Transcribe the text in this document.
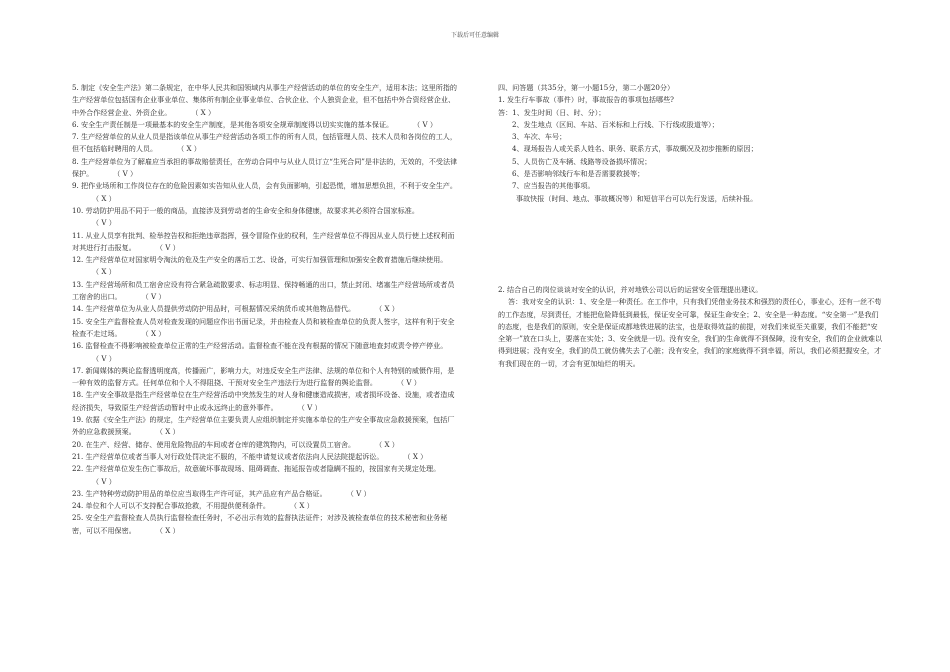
下载后可任意编辑

5. 制定《安全生产法》第二条规定，在中华人民共和国领域内从事生产经营活动的单位的安全生产，适用本法；这里所指的生产经营单位包括国有企业事业单位、集体所有制企业事业单位、合伙企业、个人独资企业，但不包括中外合资经营企业、中外合作经营企业、外资企业。	（ X ）

6. 安全生产责任制是一项最基本的安全生产制度，是其他各项安全规章制度得以切实实施的基本保证。	（ V ）

7. 生产经营单位的从业人员是指该单位从事生产经营活动各项工作的所有人员，包括管理人员、技术人员和各岗位的工人，但不包括临时聘用的人员。	（ X ）

8. 生产经营单位为了解雇应当承担的事故赔偿责任，在劳动合同中与从业人员订立“生死合同”是非法的，无效的，不受法律保护。	（ V ）

9. 把作业场所和工作岗位存在的危险因素如实告知从业人员，会有负面影响，引起恐慌，增加思想负担，不利于安全生产。（ X ）

10. 劳动防护用品不同于一般的商品，直接涉及到劳动者的生命安全和身体健康，故要求其必须符合国家标准。（ V ）

11. 从业人员享有批判、检举控告权和拒绝违章指挥，强令冒险作业的权利，生产经营单位不得因从业人员行使上述权利而对其进行打击报复。	（ V ）

12. 生产经营单位对国家明令淘汰的危及生产安全的落后工艺、设备，可实行加强管理和加强安全教育措施后继续使用。（ X ）

13. 生产经营场所和员工宿舍应设有符合紧急疏散要求、标志明显、保持畅通的出口，禁止封闭、堵塞生产经营场所或者员工宿舍的出口。	（ V ）

14. 生产经营单位为从业人员提供劳动防护用品时，可根据情况采纳货币或其他物品替代。	（ X ）

15. 安全生产监督检查人员对检查发现的问题应作出书面记录，并由检查人员和被检查单位的负责人签字，这样有利于安全检查不走过场。	（ X ）

16. 监督检查不得影响被检查单位正常的生产经营活动。监督检查不能在没有根据的情况下随意地查封或责令停产停业。（ V ）

17. 新闻媒体的舆论监督透明度高，传播面广，影响力大，对违反安全生产法律、法规的单位和个人有特别的威慑作用，是一种有效的监督方式。任何单位和个人不得阻挠、干预对安全生产违法行为进行监督的舆论监督。	（ V ）

18. 生产安全事故是指生产经营单位在生产经营活动中突然发生的对人身和健康造成损害，或者损坏设备、设施，或者造成经济损失，导致原生产经营活动暂时中止或永远终止的意外事件。	（ V ）

19. 依据《安全生产法》的规定，生产经营单位主要负责人应组织制定并实施本单位的生产安全事故应急救援预案，包括厂外的应急救援预案。	（ X ）

20. 在生产、经营、储存、使用危险物品的车间或者仓库的建筑物内，可以设置员工宿舍。	（ X ）

21. 生产经营单位或者当事人对行政处罚决定不服的，不能申请复议或者依法向人民法院提起诉讼。	（ X ）

22. 生产经营单位发生伤亡事故后，故意破坏事故现场、阻碍调查、拖延报告或者隐瞒不报的，按国家有关规定处理。（ V ）

23. 生产特种劳动防护用品的单位应当取得生产许可证，其产品应有产品合格证。	（ V ）

24. 单位和个人可以不支持配合事故抢救，不用提供便利条件。	（ X ）

25. 安全生产监督检查人员执行监督检查任务时，不必出示有效的监督执法证件；对涉及被检查单位的技术秘密和业务秘密，可以不用保密。	（ X ）

四、问答题（共35分，第一小题15分，第二小题20分）

1. 发生行车事故（事件）时，事故报告的事项包括哪些?

答：1、发生时间（日、时、分）；

2、发生地点（区间、车站、百米标和上行线、下行线或股道等）；

3、车次、车号；

4、现场报告人或关系人姓名、职务、联系方式，事故概况及初步推断的原因；

5、人员伤亡及车辆、线路等设备损坏情况；

6、是否影响邻线行车和是否需要救援等；

7、应当报告的其他事项。

事故快报（时间、地点、事故概况等）和短信平台可以先行发送，后续补报。

2. 结合自己的岗位谈谈对安全的认识，并对地铁公司以后的运营安全管理提出建议。

答：我对安全的认识：1、安全是一种责任。在工作中，只有我们凭借业务技术和强烈的责任心，事业心，还有一丝不苟的工作态度，尽到责任，才能把危险降低到最低，保证安全可靠，保证生命安全；2、安全是一种态度。“安全第一”是我们的态度，也是我们的原则，安全是保证成都地铁进展的法宝，也是取得效益的前提，对我们来说至关重要，我们不能把“安全第一”放在口头上，要落在实处；3、安全就是一切。没有安全，我们的生命就得不到保障，没有安全，我们的企业就难以得到进展；没有安全，我们的员工就仿佛失去了心脏；没有安全，我们的家庭就得不到幸福，所以，我们必须把握安全，才有我们现在的一切，才会有更加灿烂的明天。
